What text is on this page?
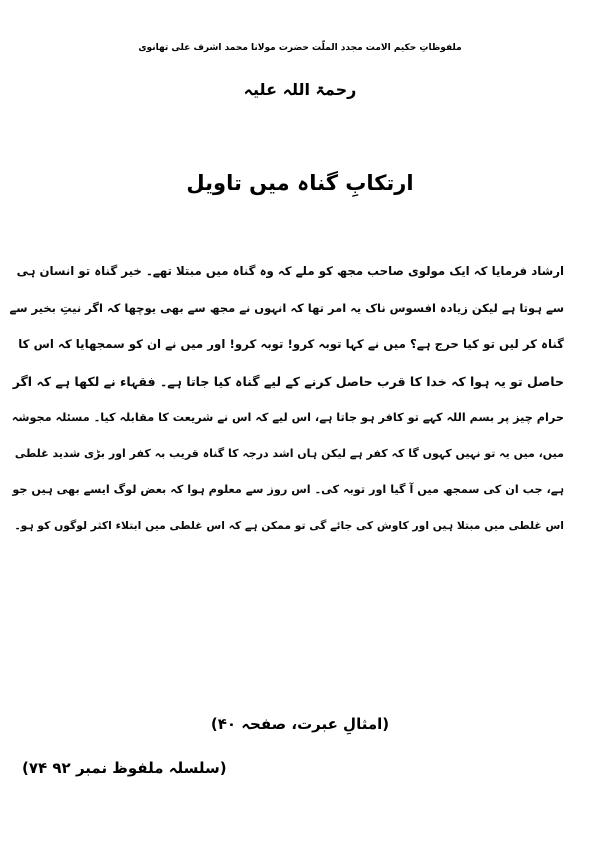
ملفوظاتِ حکیم الامت مجدد الملّت حضرت مولانا محمد اشرف علی تھانوی
رحمۃ اللہ علیہ
ارتکابِ گناہ میں تاویل

ارشاد فرمایا کہ ایک مولوی صاحب مجھ کو ملے کہ وہ گناہ میں مبتلا تھے۔ خیر گناہ تو انسان ہی

سے ہوتا ہے لیکن زیادہ افسوس ناک یہ امر تھا کہ انہوں نے مجھ سے بھی یوچھا کہ اگر نیتِ بخیر سے

گناہ کر لیں تو کیا حرج ہے؟ میں نے کہا توبہ کرو! توبہ کرو! اور میں نے ان کو سمجھایا کہ اس کا

حاصل تو یہ ہوا کہ خدا کا قرب حاصل کرنے کے لیے گناہ کیا جاتا ہے۔ فقہاء نے لکھا ہے کہ اگر

حرام چیز پر بسم اللہ کہے تو کافر ہو جاتا ہے، اس لیے کہ اس نے شریعت کا مقابلہ کیا۔ مسئلہ مجوشہ

میں، میں یہ تو نہیں کہوں گا کہ کفر ہے لیکن ہاں اشد درجہ کا گناہ قریب بہ کفر اور بڑی شدید غلطی

ہے، جب ان کی سمجھ میں آ گیا اور توبہ کی۔ اس روز سے معلوم ہوا کہ بعض لوگ ایسے بھی ہیں جو

اس غلطی میں مبتلا ہیں اور کاوش کی جائے گی تو ممکن ہے کہ اس غلطی میں ابتلاء اکثر لوگوں کو ہو۔

(امثالِ عبرت، صفحہ ۴۰)
(سلسلہ ملفوظ نمبر ۹۲ ۷۴)
